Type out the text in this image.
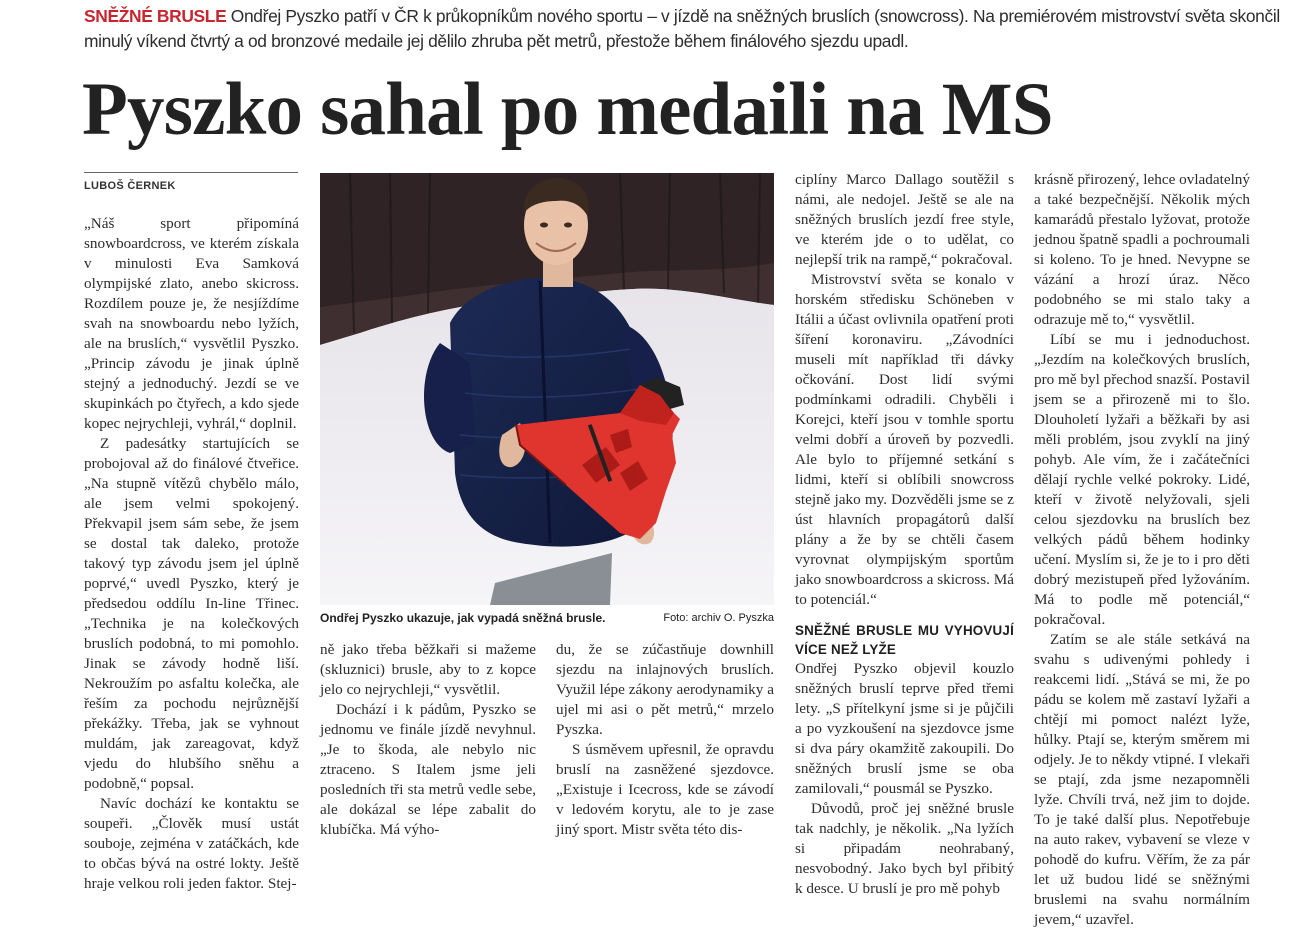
SNĚŽNÉ BRUSLE Ondřej Pyszko patří v ČR k průkopníkům nového sportu – v jízdě na sněžných bruslích (snowcross). Na premiérovém mistrovství světa skončil minulý víkend čtvrtý a od bronzové medaile jej dělilo zhruba pět metrů, přestože během finálového sjezdu upadl.
Pyszko sahal po medaili na MS
LUBOŠ ČERNEK

„Náš sport připomíná snowboardcross, ve kterém získala v minulosti Eva Samková olympijské zlato, anebo skicross. Rozdílem pouze je, že nesjíždíme svah na snowboardu nebo lyžích, ale na bruslích,“ vysvětlil Pyszko. „Princip závodu je jinak úplně stejný a jednoduchý. Jezdí se ve skupinkách po čtyřech, a kdo sjede kopec nejrychleji, vyhrál,“ doplnil.

Z padesátky startujících se probojoval až do finálové čtveřice. „Na stupně vítězů chybělo málo, ale jsem velmi spokojený. Překvapil jsem sám sebe, že jsem se dostal tak daleko, protože takový typ závodu jsem jel úplně poprvé,“ uvedl Pyszko, který je předsedou oddílu In-line Třinec. „Technika je na kolečkových bruslích podobná, to mi pomohlo. Jinak se závody hodně liší. Nekroužím po asfaltu kolečka, ale řeším za pochodu nejrůznější překážky. Třeba, jak se vyhnout muldám, jak zareagovat, když vjedu do hlubšího sněhu a podobně,“ popsal.

Navíc dochází ke kontaktu se soupeři. „Člověk musí ustát souboje, zejména v zatáčkách, kde to občas bývá na ostré lokty. Ještě hraje velkou roli jeden faktor. Stej-

Ondřej Pyszko ukazuje, jak vypadá sněžná brusle.	Foto: archiv O. Pyszka

ně jako třeba běžkaři si mažeme (skluznici) brusle, aby to z kopce jelo co nejrychleji,“ vysvětlil.

Dochází i k pádům, Pyszko se jednomu ve finále jízdě nevyhnul. „Je to škoda, ale nebylo nic ztraceno. S Italem jsme jeli posledních tři sta metrů vedle sebe, ale dokázal se lépe zabalit do klubíčka. Má výho-

du, že se zúčastňuje downhill sjezdu na inlajnových bruslích. Využil lépe zákony aerodynamiky a ujel mi asi o pět metrů,“ mrzelo Pyszka.

S úsměvem upřesnil, že opravdu bruslí na zasněžené sjezdovce. „Existuje i Icecross, kde se závodí v ledovém korytu, ale to je zase jiný sport. Mistr světa této dis-

ciplíny Marco Dallago soutěžil s námi, ale nedojel. Ještě se ale na sněžných bruslích jezdí free style, ve kterém jde o to udělat, co nejlepší trik na rampě,“ pokračoval.

Mistrovství světa se konalo v horském středisku Schöneben v Itálii a účast ovlivnila opatření proti šíření koronaviru. „Závodníci museli mít například tři dávky očkování. Dost lidí svými podmínkami odradili. Chyběli i Korejci, kteří jsou v tomhle sportu velmi dobří a úroveň by pozvedli. Ale bylo to příjemné setkání s lidmi, kteří si oblíbili snowcross stejně jako my. Dozvěděli jsme se z úst hlavních propagátorů další plány a že by se chtěli časem vyrovnat olympijským sportům jako snowboardcross a skicross. Má to potenciál.“

SNĚŽNÉ BRUSLE MU VYHOVUJÍ VÍCE NEŽ LYŽE

Ondřej Pyszko objevil kouzlo sněžných bruslí teprve před třemi lety. „S přítelkyní jsme si je půjčili a po vyzkoušení na sjezdovce jsme si dva páry okamžitě zakoupili. Do sněžných bruslí jsme se oba zamilovali,“ pousmál se Pyszko.

Důvodů, proč jej sněžné brusle tak nadchly, je několik. „Na lyžích si připadám neohrabaný, nesvobodný. Jako bych byl přibitý k desce. U bruslí je pro mě pohyb

krásně přirozený, lehce ovladatelný a také bezpečnější. Několik mých kamarádů přestalo lyžovat, protože jednou špatně spadli a pochroumali si koleno. To je hned. Nevypne se vázání a hrozí úraz. Něco podobného se mi stalo taky a odrazuje mě to,“ vysvětlil.

Líbí se mu i jednoduchost. „Jezdím na kolečkových bruslích, pro mě byl přechod snazší. Postavil jsem se a přirozeně mi to šlo. Dlouholetí lyžaři a běžkaři by asi měli problém, jsou zvyklí na jiný pohyb. Ale vím, že i začátečníci dělají rychle velké pokroky. Lidé, kteří v životě nelyžovali, sjeli celou sjezdovku na bruslích bez velkých pádů během hodinky učení. Myslím si, že je to i pro děti dobrý mezistupeň před lyžováním. Má to podle mě potenciál,“ pokračoval.

Zatím se ale stále setkává na svahu s udivenými pohledy i reakcemi lidí. „Stává se mi, že po pádu se kolem mě zastaví lyžaři a chtějí mi pomoct nalézt lyže, hůlky. Ptají se, kterým směrem mi odjely. Je to někdy vtipné. I vlekaři se ptají, zda jsme nezapomněli lyže. Chvíli trvá, než jim to dojde. To je také další plus. Nepotřebuje na auto rakev, vybavení se vleze v pohodě do kufru. Věřím, že za pár let už budou lidé se sněžnými bruslemi na svahu normálním jevem,“ uzavřel.
